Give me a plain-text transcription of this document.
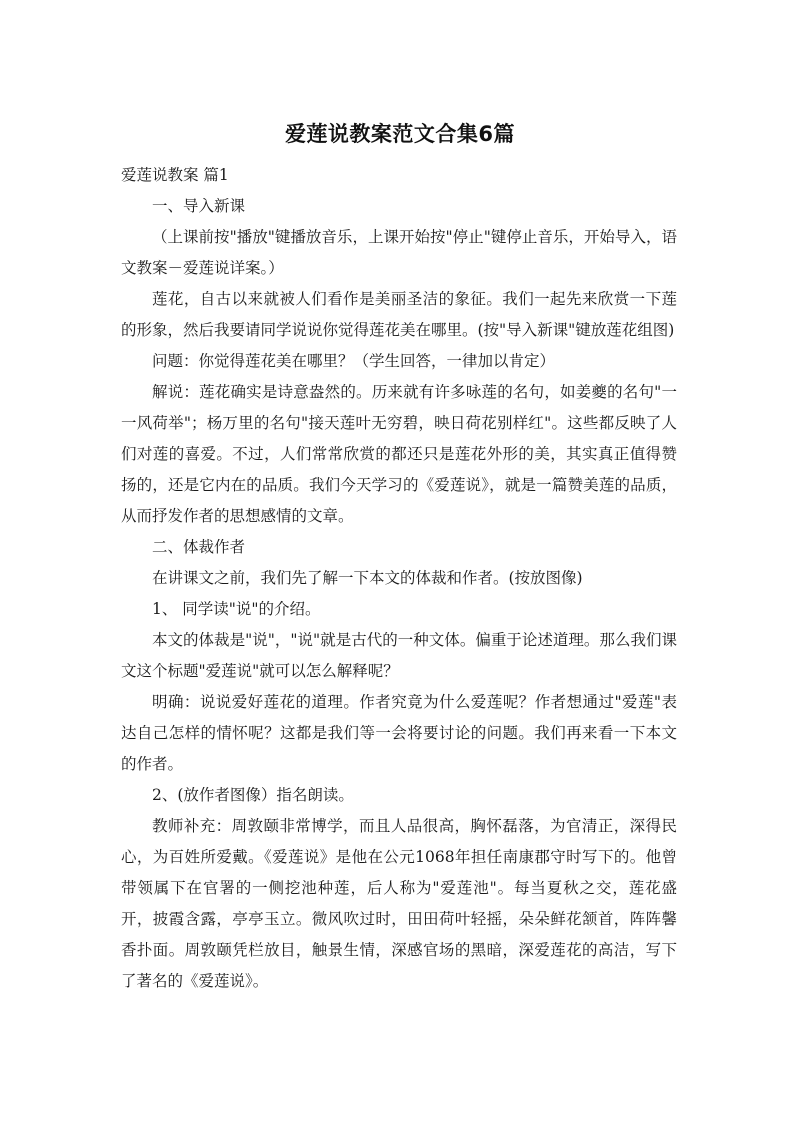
爱莲说教案范文合集6篇

爱莲说教案 篇1

一、导入新课

（上课前按"播放"键播放音乐，上课开始按"停止"键停止音乐，开始导入，语文教案－爱莲说详案。）

莲花，自古以来就被人们看作是美丽圣洁的象征。我们一起先来欣赏一下莲的形象，然后我要请同学说说你觉得莲花美在哪里。(按"导入新课"键放莲花组图)

问题：你觉得莲花美在哪里？（学生回答，一律加以肯定）

解说：莲花确实是诗意盎然的。历来就有许多咏莲的名句，如姜夔的名句"一一风荷举"；杨万里的名句"接天莲叶无穷碧，映日荷花别样红"。这些都反映了人们对莲的喜爱。不过，人们常常欣赏的都还只是莲花外形的美，其实真正值得赞扬的，还是它内在的品质。我们今天学习的《爱莲说》，就是一篇赞美莲的品质，从而抒发作者的思想感情的文章。

二、体裁作者

在讲课文之前，我们先了解一下本文的体裁和作者。(按放图像)

1、 同学读"说"的介绍。

本文的体裁是"说"，"说"就是古代的一种文体。偏重于论述道理。那么我们课文这个标题"爱莲说"就可以怎么解释呢？

明确：说说爱好莲花的道理。作者究竟为什么爱莲呢？作者想通过"爱莲"表达自己怎样的情怀呢？这都是我们等一会将要讨论的问题。我们再来看一下本文的作者。

2、(放作者图像）指名朗读。

教师补充：周敦颐非常博学，而且人品很高，胸怀磊落，为官清正，深得民心，为百姓所爱戴。《爱莲说》是他在公元1068年担任南康郡守时写下的。他曾带领属下在官署的一侧挖池种莲，后人称为"爱莲池"。每当夏秋之交，莲花盛开，披霞含露，亭亭玉立。微风吹过时，田田荷叶轻摇，朵朵鲜花颔首，阵阵馨香扑面。周敦颐凭栏放目，触景生情，深感官场的黑暗，深爱莲花的高洁，写下了著名的《爱莲说》。
